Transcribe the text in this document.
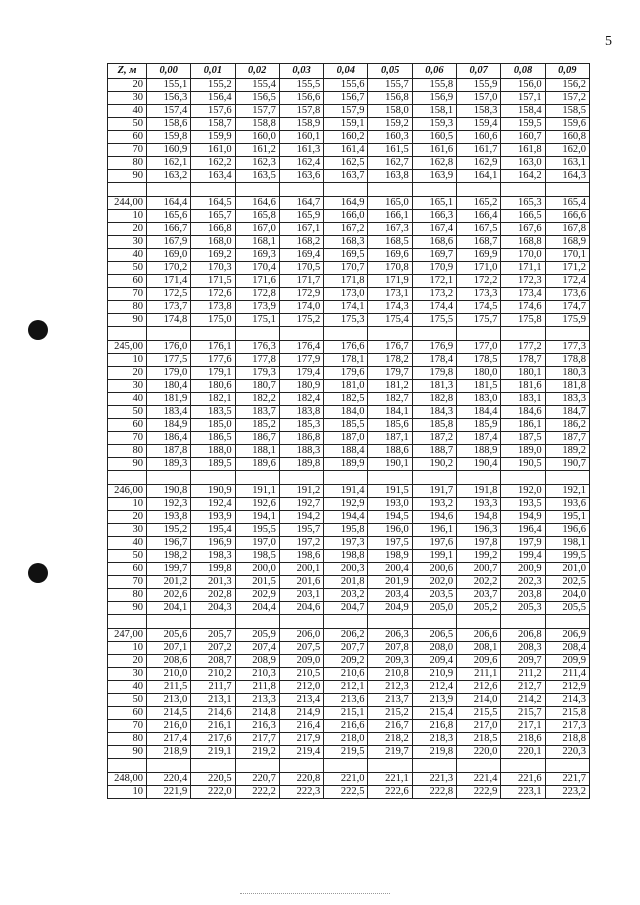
5
Z, м	0,00	0,01	0,02	0,03	0,04	0,05	0,06	0,07	0,08	0,09
20	155,1	155,2	155,4	155,5	155,6	155,7	155,8	155,9	156,0	156,2
30	156,3	156,4	156,5	156,6	156,7	156,8	156,9	157,0	157,1	157,2
40	157,4	157,6	157,7	157,8	157,9	158,0	158,1	158,3	158,4	158,5
50	158,6	158,7	158,8	158,9	159,1	159,2	159,3	159,4	159,5	159,6
60	159,8	159,9	160,0	160,1	160,2	160,3	160,5	160,6	160,7	160,8
70	160,9	161,0	161,2	161,3	161,4	161,5	161,6	161,7	161,8	162,0
80	162,1	162,2	162,3	162,4	162,5	162,7	162,8	162,9	163,0	163,1
90	163,2	163,4	163,5	163,6	163,7	163,8	163,9	164,1	164,2	164,3

244,00	164,4	164,5	164,6	164,7	164,9	165,0	165,1	165,2	165,3	165,4
10	165,6	165,7	165,8	165,9	166,0	166,1	166,3	166,4	166,5	166,6
20	166,7	166,8	167,0	167,1	167,2	167,3	167,4	167,5	167,6	167,8
30	167,9	168,0	168,1	168,2	168,3	168,5	168,6	168,7	168,8	168,9
40	169,0	169,2	169,3	169,4	169,5	169,6	169,7	169,9	170,0	170,1
50	170,2	170,3	170,4	170,5	170,7	170,8	170,9	171,0	171,1	171,2
60	171,4	171,5	171,6	171,7	171,8	171,9	172,1	172,2	172,3	172,4
70	172,5	172,6	172,8	172,9	173,0	173,1	173,2	173,3	173,4	173,6
80	173,7	173,8	173,9	174,0	174,1	174,3	174,4	174,5	174,6	174,7
90	174,8	175,0	175,1	175,2	175,3	175,4	175,5	175,7	175,8	175,9

245,00	176,0	176,1	176,3	176,4	176,6	176,7	176,9	177,0	177,2	177,3
10	177,5	177,6	177,8	177,9	178,1	178,2	178,4	178,5	178,7	178,8
20	179,0	179,1	179,3	179,4	179,6	179,7	179,8	180,0	180,1	180,3
30	180,4	180,6	180,7	180,9	181,0	181,2	181,3	181,5	181,6	181,8
40	181,9	182,1	182,2	182,4	182,5	182,7	182,8	183,0	183,1	183,3
50	183,4	183,5	183,7	183,8	184,0	184,1	184,3	184,4	184,6	184,7
60	184,9	185,0	185,2	185,3	185,5	185,6	185,8	185,9	186,1	186,2
70	186,4	186,5	186,7	186,8	187,0	187,1	187,2	187,4	187,5	187,7
80	187,8	188,0	188,1	188,3	188,4	188,6	188,7	188,9	189,0	189,2
90	189,3	189,5	189,6	189,8	189,9	190,1	190,2	190,4	190,5	190,7

246,00	190,8	190,9	191,1	191,2	191,4	191,5	191,7	191,8	192,0	192,1
10	192,3	192,4	192,6	192,7	192,9	193,0	193,2	193,3	193,5	193,6
20	193,8	193,9	194,1	194,2	194,4	194,5	194,6	194,8	194,9	195,1
30	195,2	195,4	195,5	195,7	195,8	196,0	196,1	196,3	196,4	196,6
40	196,7	196,9	197,0	197,2	197,3	197,5	197,6	197,8	197,9	198,1
50	198,2	198,3	198,5	198,6	198,8	198,9	199,1	199,2	199,4	199,5
60	199,7	199,8	200,0	200,1	200,3	200,4	200,6	200,7	200,9	201,0
70	201,2	201,3	201,5	201,6	201,8	201,9	202,0	202,2	202,3	202,5
80	202,6	202,8	202,9	203,1	203,2	203,4	203,5	203,7	203,8	204,0
90	204,1	204,3	204,4	204,6	204,7	204,9	205,0	205,2	205,3	205,5

247,00	205,6	205,7	205,9	206,0	206,2	206,3	206,5	206,6	206,8	206,9
10	207,1	207,2	207,4	207,5	207,7	207,8	208,0	208,1	208,3	208,4
20	208,6	208,7	208,9	209,0	209,2	209,3	209,4	209,6	209,7	209,9
30	210,0	210,2	210,3	210,5	210,6	210,8	210,9	211,1	211,2	211,4
40	211,5	211,7	211,8	212,0	212,1	212,3	212,4	212,6	212,7	212,9
50	213,0	213,1	213,3	213,4	213,6	213,7	213,9	214,0	214,2	214,3
60	214,5	214,6	214,8	214,9	215,1	215,2	215,4	215,5	215,7	215,8
70	216,0	216,1	216,3	216,4	216,6	216,7	216,8	217,0	217,1	217,3
80	217,4	217,6	217,7	217,9	218,0	218,2	218,3	218,5	218,6	218,8
90	218,9	219,1	219,2	219,4	219,5	219,7	219,8	220,0	220,1	220,3

248,00	220,4	220,5	220,7	220,8	221,0	221,1	221,3	221,4	221,6	221,7
10	221,9	222,0	222,2	222,3	222,5	222,6	222,8	222,9	223,1	223,2
